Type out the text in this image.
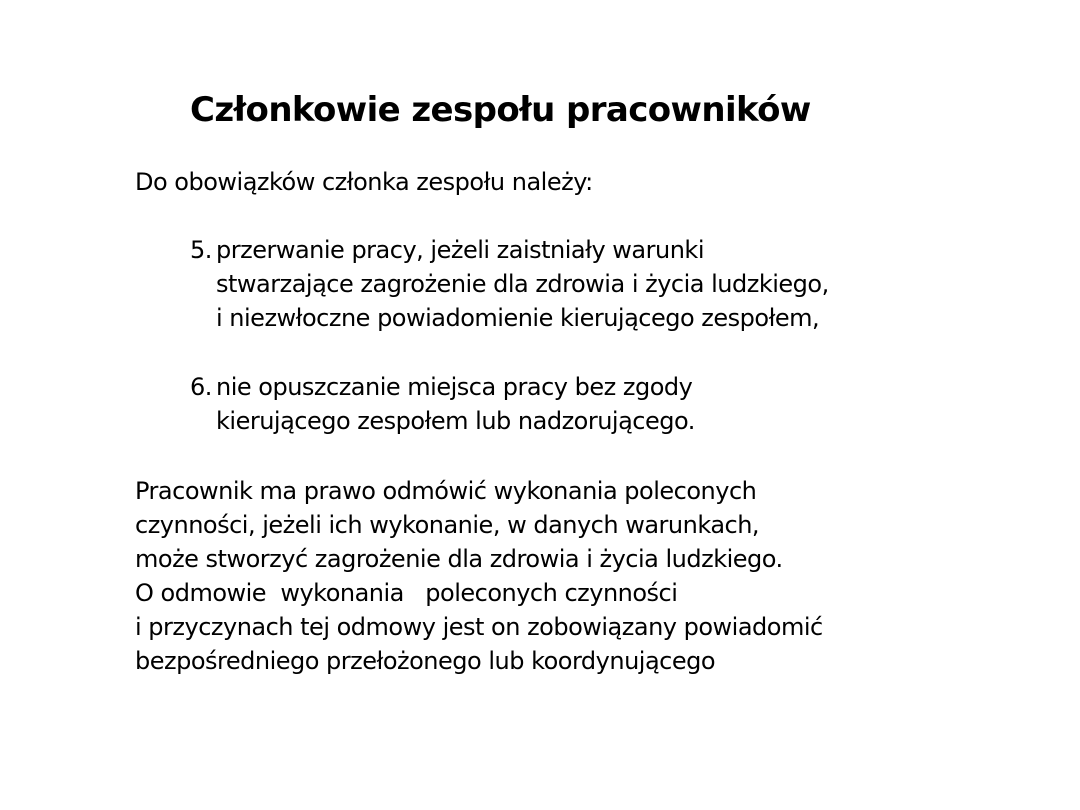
Członkowie zespołu pracowników
Do obowiązków członka zespołu należy:
5. przerwanie pracy, jeżeli zaistniały warunki
stwarzające zagrożenie dla zdrowia i życia ludzkiego,
i niezwłoczne powiadomienie kierującego zespołem,
6. nie opuszczanie miejsca pracy bez zgody
kierującego zespołem lub nadzorującego.
Pracownik ma prawo odmówić wykonania poleconych
czynności, jeżeli ich wykonanie, w danych warunkach,
może stworzyć zagrożenie dla zdrowia i życia ludzkiego.
O odmowie  wykonania   poleconych czynności
i przyczynach tej odmowy jest on zobowiązany powiadomić
bezpośredniego przełożonego lub koordynującego
